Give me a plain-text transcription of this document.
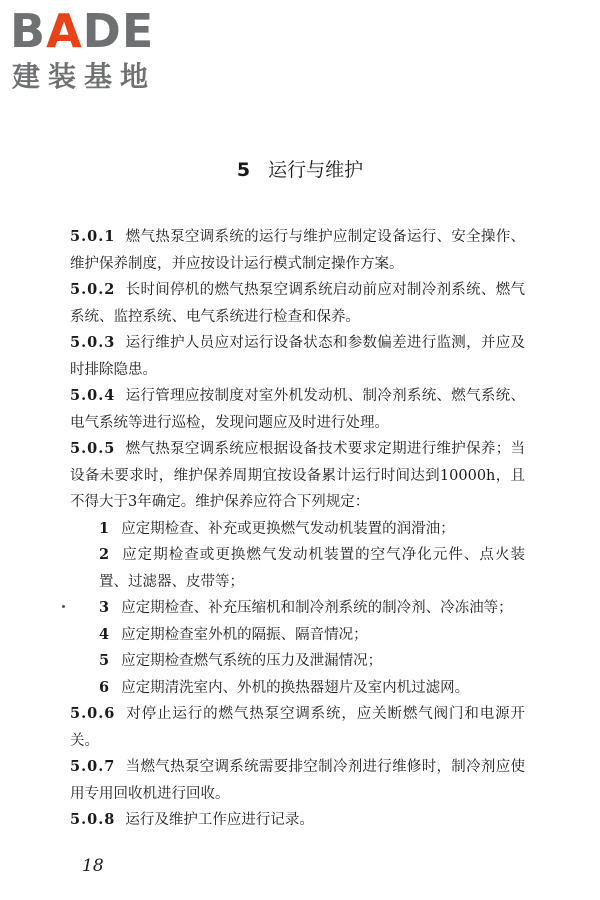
BADE
建装基地
5 运行与维护

5.0.1 燃气热泵空调系统的运行与维护应制定设备运行、安全操作、维护保养制度，并应按设计运行模式制定操作方案。

5.0.2 长时间停机的燃气热泵空调系统启动前应对制冷剂系统、燃气系统、监控系统、电气系统进行检查和保养。

5.0.3 运行维护人员应对运行设备状态和参数偏差进行监测，并应及时排除隐患。

5.0.4 运行管理应按制度对室外机发动机、制冷剂系统、燃气系统、电气系统等进行巡检，发现问题应及时进行处理。

5.0.5 燃气热泵空调系统应根据设备技术要求定期进行维护保养；当设备未要求时，维护保养周期宜按设备累计运行时间达到10000h，且不得大于3年确定。维护保养应符合下列规定：

1 应定期检查、补充或更换燃气发动机装置的润滑油；

2 应定期检查或更换燃气发动机装置的空气净化元件、点火装置、过滤器、皮带等；

3 应定期检查、补充压缩机和制冷剂系统的制冷剂、冷冻油等；

4 应定期检查室外机的隔振、隔音情况；

5 应定期检查燃气系统的压力及泄漏情况；

6 应定期清洗室内、外机的换热器翅片及室内机过滤网。

5.0.6 对停止运行的燃气热泵空调系统，应关断燃气阀门和电源开关。

5.0.7 当燃气热泵空调系统需要排空制冷剂进行维修时，制冷剂应使用专用回收机进行回收。

5.0.8 运行及维护工作应进行记录。

18
